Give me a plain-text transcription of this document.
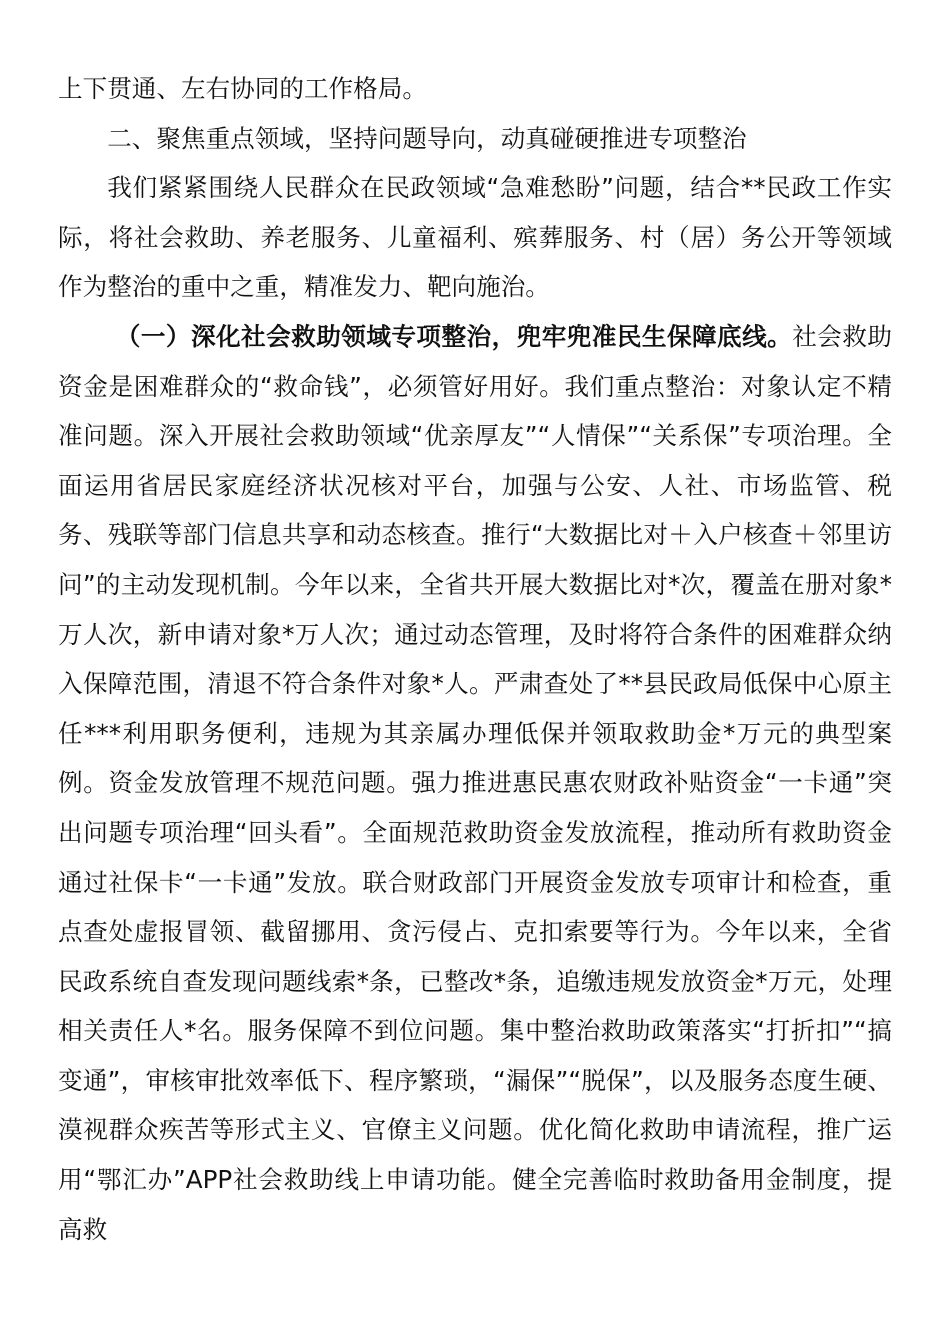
上下贯通、左右协同的工作格局。

二、聚焦重点领域，坚持问题导向，动真碰硬推进专项整治

我们紧紧围绕人民群众在民政领域“急难愁盼”问题，结合**民政工作实际，将社会救助、养老服务、儿童福利、殡葬服务、村（居）务公开等领域作为整治的重中之重，精准发力、靶向施治。

（一）深化社会救助领域专项整治，兜牢兜准民生保障底线。社会救助资金是困难群众的“救命钱”，必须管好用好。我们重点整治：对象认定不精准问题。深入开展社会救助领域“优亲厚友”“人情保”“关系保”专项治理。全面运用省居民家庭经济状况核对平台，加强与公安、人社、市场监管、税务、残联等部门信息共享和动态核查。推行“大数据比对＋入户核查＋邻里访问”的主动发现机制。今年以来，全省共开展大数据比对*次，覆盖在册对象*万人次，新申请对象*万人次；通过动态管理，及时将符合条件的困难群众纳入保障范围，清退不符合条件对象*人。严肃查处了**县民政局低保中心原主任***利用职务便利，违规为其亲属办理低保并领取救助金*万元的典型案例。资金发放管理不规范问题。强力推进惠民惠农财政补贴资金“一卡通”突出问题专项治理“回头看”。全面规范救助资金发放流程，推动所有救助资金通过社保卡“一卡通”发放。联合财政部门开展资金发放专项审计和检查，重点查处虚报冒领、截留挪用、贪污侵占、克扣索要等行为。今年以来，全省民政系统自查发现问题线索*条，已整改*条，追缴违规发放资金*万元，处理相关责任人*名。服务保障不到位问题。集中整治救助政策落实“打折扣”“搞变通”，审核审批效率低下、程序繁琐，“漏保”“脱保”，以及服务态度生硬、漠视群众疾苦等形式主义、官僚主义问题。优化简化救助申请流程，推广运用“鄂汇办”APP社会救助线上申请功能。健全完善临时救助备用金制度，提高救
